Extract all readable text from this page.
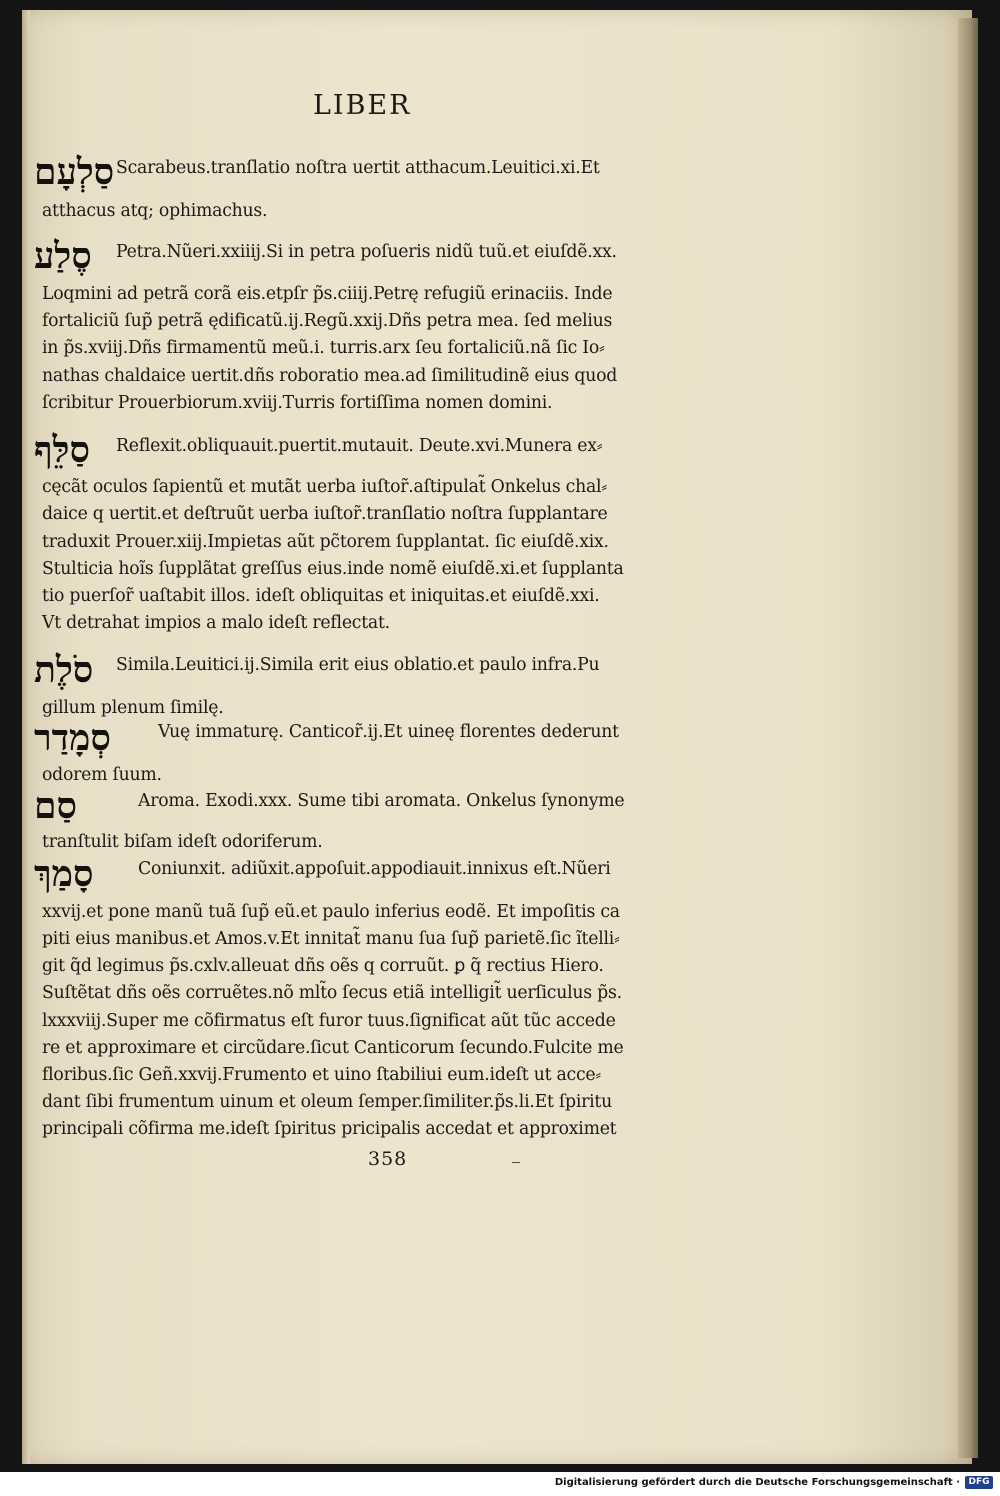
LIBER
סַלְעָם Scarabeus.tranſlatio noſtra uertit atthacum.Leuitici.xi.Et
atthacus atq; ophimachus.
סֶלַע Petra.Nũeri.xxiiij.Si in petra poſueris nidũ tuũ.et eiuſdẽ.xx.
Loqmini ad petrã corã eis.etpſr p̃s.ciiij.Petrę refugiũ erinaciis. Inde
fortaliciũ ſup̃ petrã ędificatũ.ij.Regũ.xxij.Dñs petra mea. ſed melius
in p̃s.xviij.Dñs firmamentũ meũ.i. turris.arx ſeu fortaliciũ.nã ſic Io⸗
nathas chaldaice uertit.dñs roboratio mea.ad ſimilitudinẽ eius quod
ſcribitur Prouerbiorum.xviij.Turris fortiſſima nomen domini.
סַלֵּף Reflexit.obliquauit.puertit.mutauit. Deute.xvi.Munera ex⸗
cęcãt oculos ſapientũ et mutãt uerba iuſtor̃.aſtipulat̃ Onkelus chal⸗
daice q uertit.et deſtruũt uerba iuſtor̃.tranſlatio noſtra ſupplantare
traduxit Prouer.xiij.Impietas aũt pc̃torem ſupplantat. ſic eiuſdẽ.xix.
Stulticia hoĩs ſupplãtat greſſus eius.inde nomẽ eiuſdẽ.xi.et ſupplanta
tio puerſor̃ uaſtabit illos. ideſt obliquitas et iniquitas.et eiuſdẽ.xxi.
Vt detrahat impios a malo ideſt reflectat.
סֹלֶת Simila.Leuitici.ij.Simila erit eius oblatio.et paulo infra.Pu
gillum plenum ſimilę.
סְמָדַר	Vuę immaturę. Canticor̃.ij.Et uineę florentes dederunt
odorem ſuum.
סַם	Aroma. Exodi.xxx. Sume tibi aromata. Onkelus ſynonyme
tranſtulit biſam ideſt odoriferum.
סָמַךְ	Coniunxit. adiũxit.appoſuit.appodiauit.innixus eſt.Nũeri
xxvij.et pone manũ tuã ſup̃ eũ.et paulo inferius eodẽ. Et impoſitis ca
piti eius manibus.et Amos.v.Et innitat̃ manu ſua ſup̃ parietẽ.ſic ĩtelli⸗
git q̃d legimus p̃s.cxlv.alleuat dñs oẽs q corruũt. ꝑ q̃ rectius Hiero.
Suſtẽtat dñs oẽs corruẽtes.nõ mlt̃o ſecus etiã intelligit̃ uerſiculus p̃s.
lxxxviij.Super me cõfirmatus eſt furor tuus.ſignificat aũt tũc accede
re et approximare et circũdare.ſicut Canticorum ſecundo.Fulcite me
floribus.ſic Geñ.xxvij.Frumento et uino ſtabiliui eum.ideſt ut acce⸗
dant ſibi frumentum uinum et oleum ſemper.ſimiliter.p̃s.li.Et ſpiritu
principali cõfirma me.ideſt ſpiritus pricipalis accedat et approximet
358
Digitalisierung gefördert durch die Deutsche Forschungsgemeinschaft · DFG
